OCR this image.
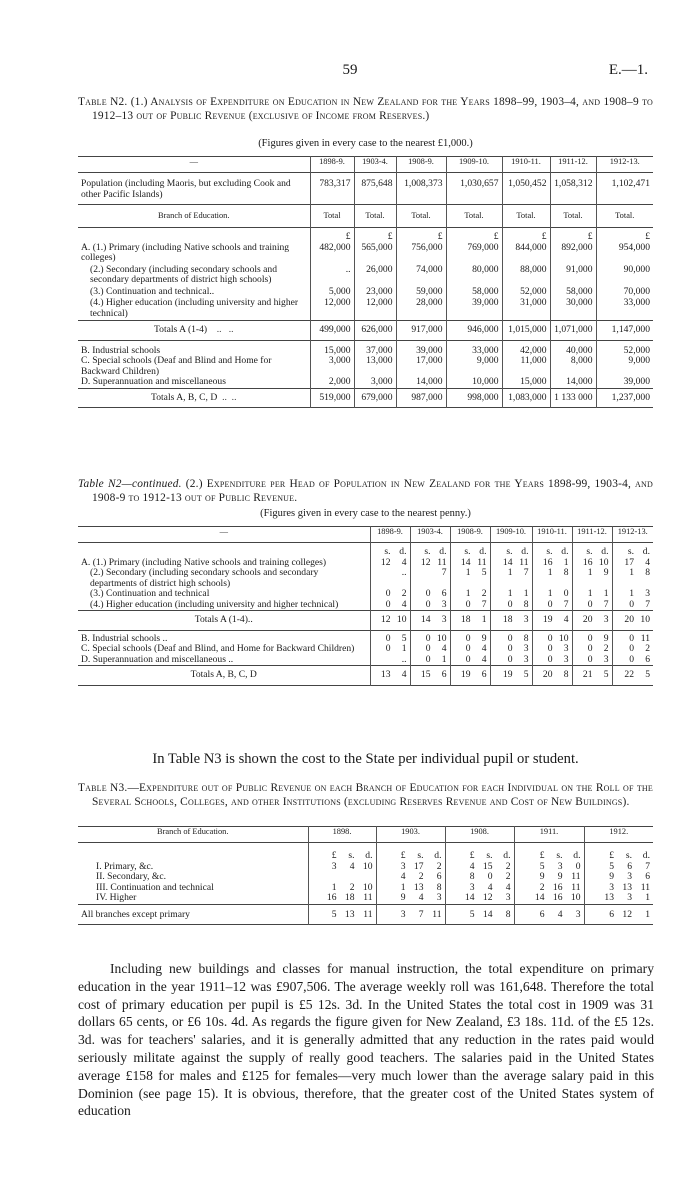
59	E.—1.
Table N2. (1.) Analysis of Expenditure on Education in New Zealand for the Years 1898–99, 1903–4, and 1908–9 to 1912–13 out of Public Revenue (exclusive of Income from Reserves.)
(Figures given in every case to the nearest £1,000.)
—	1898-9.	1903-4.	1908-9.	1909-10.	1910-11.	1911-12.	1912-13.
Population (including Maoris, but excluding Cook and other Pacific Islands)	783,317	875,648	1,008,373	1,030,657	1,050,452	1,058,312	1,102,471
Branch of Education.	Total	Total.	Total.	Total.	Total.	Total.	Total.
	£	£	£	£	£	£	£
A. (1.) Primary (including Native schools and training colleges)	482,000	565,000	756,000	769,000	844,000	892,000	954,000
(2.) Secondary (including secondary schools and secondary departments of district high schools)	..	26,000	74,000	80,000	88,000	91,000	90,000
(3.) Continuation and technical..	5,000	23,000	59,000	58,000	52,000	58,000	70,000
(4.) Higher education (including university and higher technical)	12,000	12,000	28,000	39,000	31,000	30,000	33,000
Totals A (1-4)    ..   ..	499,000	626,000	917,000	946,000	1,015,000	1,071,000	1,147,000
B. Industrial schools	15,000	37,000	39,000	33,000	42,000	40,000	52,000
C. Special schools (Deaf and Blind and Home for Backward Children)	3,000	13,000	17,000	9,000	11,000	8,000	9,000
D. Superannuation and miscellaneous	2,000	3,000	14,000	10,000	15,000	14,000	39,000
Totals A, B, C, D  ..  ..	519,000	679,000	987,000	998,000	1,083,000	1 133 000	1,237,000
Table N2—continued. (2.) Expenditure per Head of Population in New Zealand for the Years 1898-99, 1903-4, and 1908-9 to 1912-13 out of Public Revenue.
(Figures given in every case to the nearest penny.)
—	1898-9.	1903-4.	1908-9.	1909-10.	1910-11.	1911-12.	1912-13.
	s. d.	s. d.	s. d.	s. d.	s. d.	s. d.	s. d.
A. (1.) Primary (including Native schools and training colleges)	12 4	12 11	14 11	14 11	16 1	16 10	17 4
(2.) Secondary (including secondary schools and secondary departments of district high schools)	..	7	1 5	1 7	1 8	1 9	1 8
(3.) Continuation and technical	0 2	0 6	1 2	1 1	1 0	1 1	1 3
(4.) Higher education (including university and higher technical)	0 4	0 3	0 7	0 8	0 7	0 7	0 7
Totals A (1-4)..	12 10	14 3	18 1	18 3	19 4	20 3	20 10
B. Industrial schools ..	0 5	0 10	0 9	0 8	0 10	0 9	0 11
C. Special schools (Deaf and Blind, and Home for Backward Children)	0 1	0 4	0 4	0 3	0 3	0 2	0 2
D. Superannuation and miscellaneous ..	..	0 1	0 4	0 3	0 3	0 3	0 6
Totals A, B, C, D	13 4	15 6	19 6	19 5	20 8	21 5	22 5
In Table N3 is shown the cost to the State per individual pupil or student.
Table N3.—Expenditure out of Public Revenue on each Branch of Education for each Individual on the Roll of the Several Schools, Colleges, and other Institutions (excluding Reserves Revenue and Cost of New Buildings).
Branch of Education.	1898.	1903.	1908.	1911.	1912.
	£ s. d.	£ s. d.	£ s. d.	£ s. d.	£ s. d.
I. Primary, &c.	3 4 10	3 17 2	4 15 2	5 3 0	5 6 7
II. Secondary, &c.		4 2 6	8 0 2	9 9 11	9 3 6
III. Continuation and technical	1 2 10	1 13 8	3 4 4	2 16 11	3 13 11
IV. Higher	16 18 11	9 4 3	14 12 3	14 16 10	13 3 1
All branches except primary	5 13 11	3 7 11	5 14 8	6 4 3	6 12 1

Including new buildings and classes for manual instruction, the total expenditure on primary education in the year 1911–12 was £907,506. The average weekly roll was 161,648. Therefore the total cost of primary education per pupil is £5 12s. 3d. In the United States the total cost in 1909 was 31 dollars 65 cents, or £6 10s. 4d. As regards the figure given for New Zealand, £3 18s. 11d. of the £5 12s. 3d. was for teachers' salaries, and it is generally admitted that any reduction in the rates paid would seriously militate against the supply of really good teachers. The salaries paid in the United States average £158 for males and £125 for females—very much lower than the average salary paid in this Dominion (see page 15). It is obvious, therefore, that the greater cost of the United States system of education
